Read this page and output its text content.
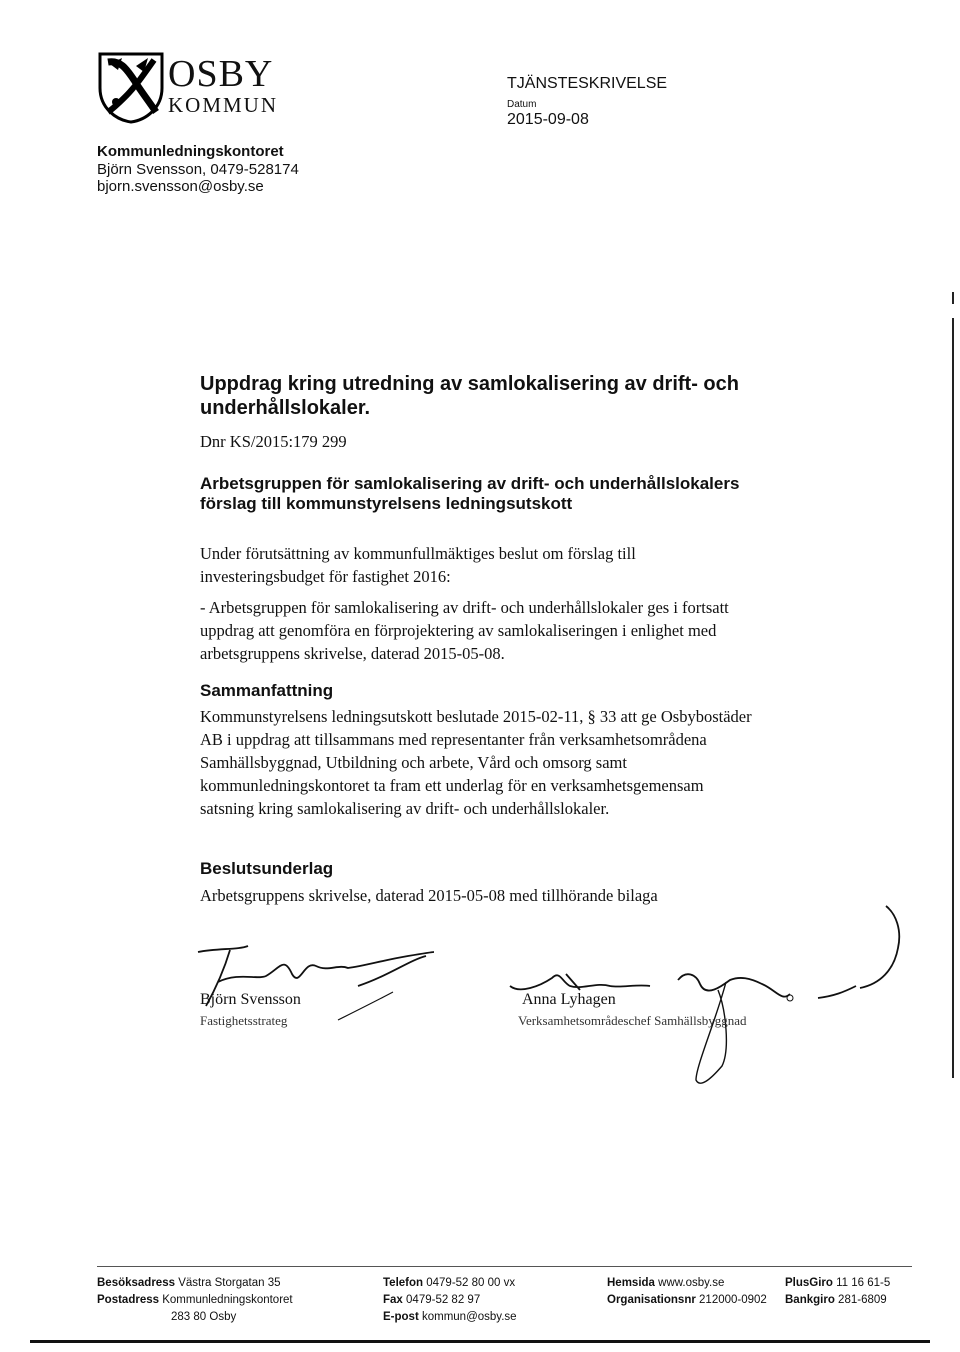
OSBY
KOMMUN
Kommunledningskontoret
Björn Svensson, 0479-528174
bjorn.svensson@osby.se
TJÄNSTESKRIVELSE
Datum
2015-09-08
Uppdrag kring utredning av samlokalisering av drift- och underhållslokaler.

Dnr KS/2015:179 299

Arbetsgruppen för samlokalisering av drift- och underhållslokalers förslag till kommunstyrelsens ledningsutskott

Under förutsättning av kommunfullmäktiges beslut om förslag till investeringsbudget för fastighet 2016:

- Arbetsgruppen för samlokalisering av drift- och underhållslokaler ges i fortsatt uppdrag att genomföra en förprojektering av samlokaliseringen i enlighet med arbetsgruppens skrivelse, daterad 2015-05-08.

Sammanfattning

Kommunstyrelsens ledningsutskott beslutade 2015-02-11, § 33 att ge Osbybostäder AB i uppdrag att tillsammans med representanter från verksamhetsområdena Samhällsbyggnad, Utbildning och arbete, Vård och omsorg samt kommunledningskontoret ta fram ett underlag för en verksamhetsgemensam satsning kring samlokalisering av drift- och underhållslokaler.

Beslutsunderlag

Arbetsgruppens skrivelse, daterad 2015-05-08 med tillhörande bilaga

Björn Svensson
Fastighetsstrateg
Anna Lyhagen
Verksamhetsområdeschef Samhällsbyggnad
Besöksadress Västra Storgatan 35
Postadress Kommunledningskontoret
283 80 Osby
Telefon 0479-52 80 00 vx
Fax 0479-52 82 97
E-post kommun@osby.se
Hemsida www.osby.se
Organisationsnr 212000-0902
PlusGiro 11 16 61-5
Bankgiro 281-6809
